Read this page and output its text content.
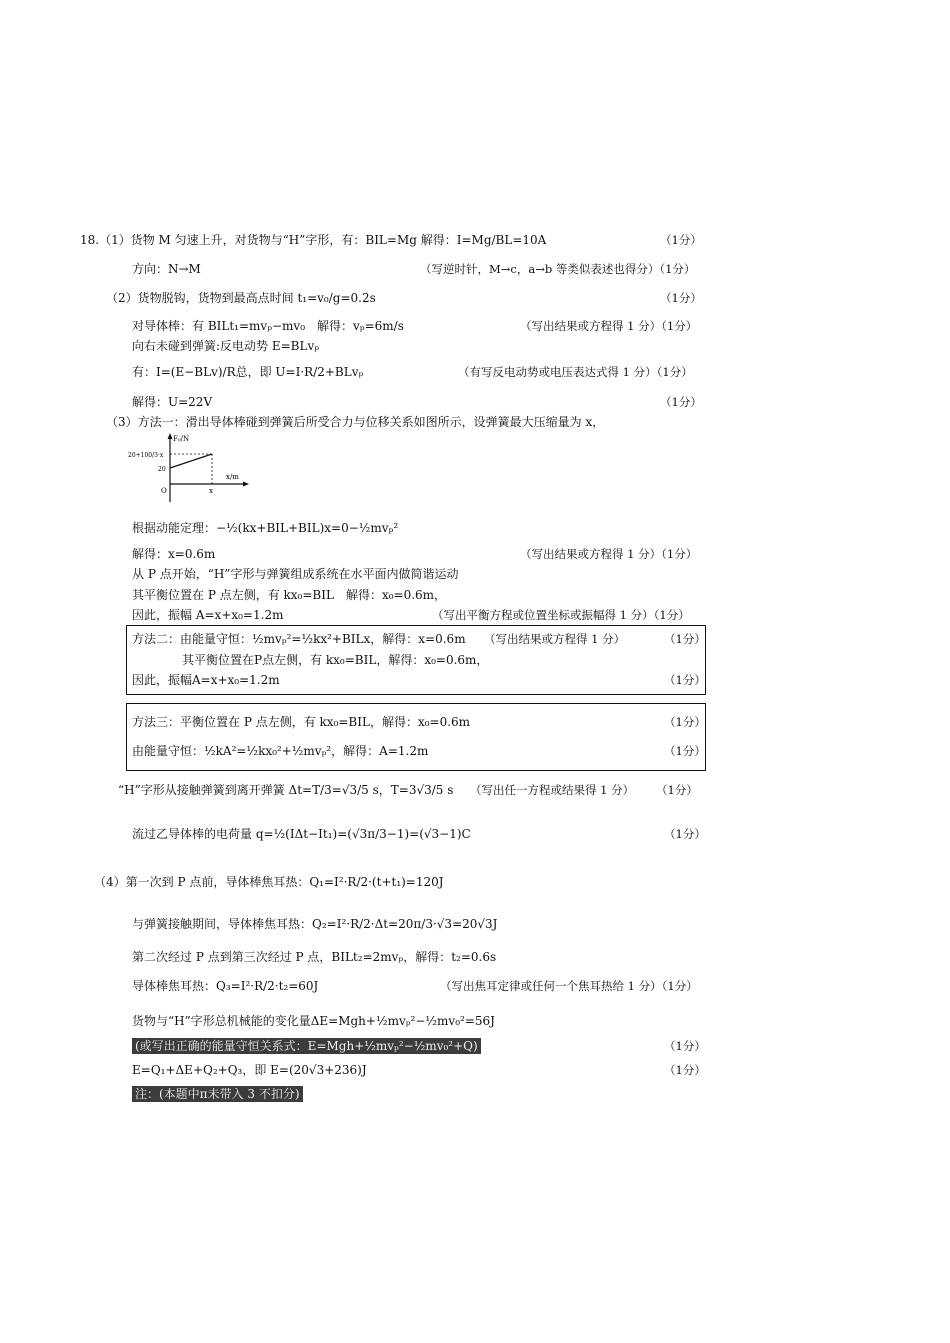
18.（1）货物 M 匀速上升，对货物与“H”字形，有：BIL=Mg 解得：I=Mg/BL=10A	（1分）
方向：N→M	（写逆时针，M→c，a→b 等类似表述也得分）（1分）
（2）货物脱钩，货物到最高点时间 t₁=v₀/g=0.2s	（1分）
对导体棒：有 BILt₁=mvₚ−mv₀　解得：vₚ=6m/s	（写出结果或方程得 1 分）（1分）
向右未碰到弹簧:反电动势 E=BLvₚ
有：I=(E−BLv)/R总，即 U=I·R/2+BLvₚ	（有写反电动势或电压表达式得 1 分）（1分）
解得：U=22V	（1分）
（3）方法一：滑出导体棒碰到弹簧后所受合力与位移关系如图所示，设弹簧最大压缩量为 x，
F₀/N
x/m
20+100/3·x
20
O	x
根据动能定理：−½(kx+BIL+BIL)x=0−½mvₚ²
解得：x=0.6m	（写出结果或方程得 1 分）（1分）
从 P 点开始，“H”字形与弹簧组成系统在水平面内做简谐运动
其平衡位置在 P 点左侧，有 kx₀=BIL　解得：x₀=0.6m，
因此，振幅 A=x+x₀=1.2m	（写出平衡方程或位置坐标或振幅得 1 分）（1分）
方法二：由能量守恒：½mvₚ²=½kx²+BILx，解得：x=0.6m （写出结果或方程得 1 分）	（1分）
其平衡位置在P点左侧，有 kx₀=BIL，解得：x₀=0.6m，
因此，振幅A=x+x₀=1.2m	（1分）
方法三：平衡位置在 P 点左侧，有 kx₀=BIL，解得：x₀=0.6m	（1分）
由能量守恒：½kA²=½kx₀²+½mvₚ²，解得：A=1.2m	（1分）
“H”字形从接触弹簧到离开弹簧 Δt=T/3=√3/5 s，T=3√3/5 s （写出任一方程或结果得 1 分） （1分）
流过乙导体棒的电荷量 q=½(IΔt−It₁)=(√3π/3−1)=(√3−1)C	（1分）
（4）第一次到 P 点前，导体棒焦耳热：Q₁=I²·R/2·(t+t₁)=120J
与弹簧接触期间，导体棒焦耳热：Q₂=I²·R/2·Δt=20π/3·√3=20√3J
第二次经过 P 点到第三次经过 P 点，BILt₂=2mvₚ，解得：t₂=0.6s
导体棒焦耳热：Q₃=I²·R/2·t₂=60J	（写出焦耳定律或任何一个焦耳热给 1 分）（1分）
货物与“H”字形总机械能的变化量ΔE=Mgh+½mvₚ²−½mv₀²=56J
(或写出正确的能量守恒关系式：E=Mgh+½mvₚ²−½mv₀²+Q)	（1分）
E=Q₁+ΔE+Q₂+Q₃，即 E=(20√3+236)J	（1分）
注：(本题中π未带入 3 不扣分)
